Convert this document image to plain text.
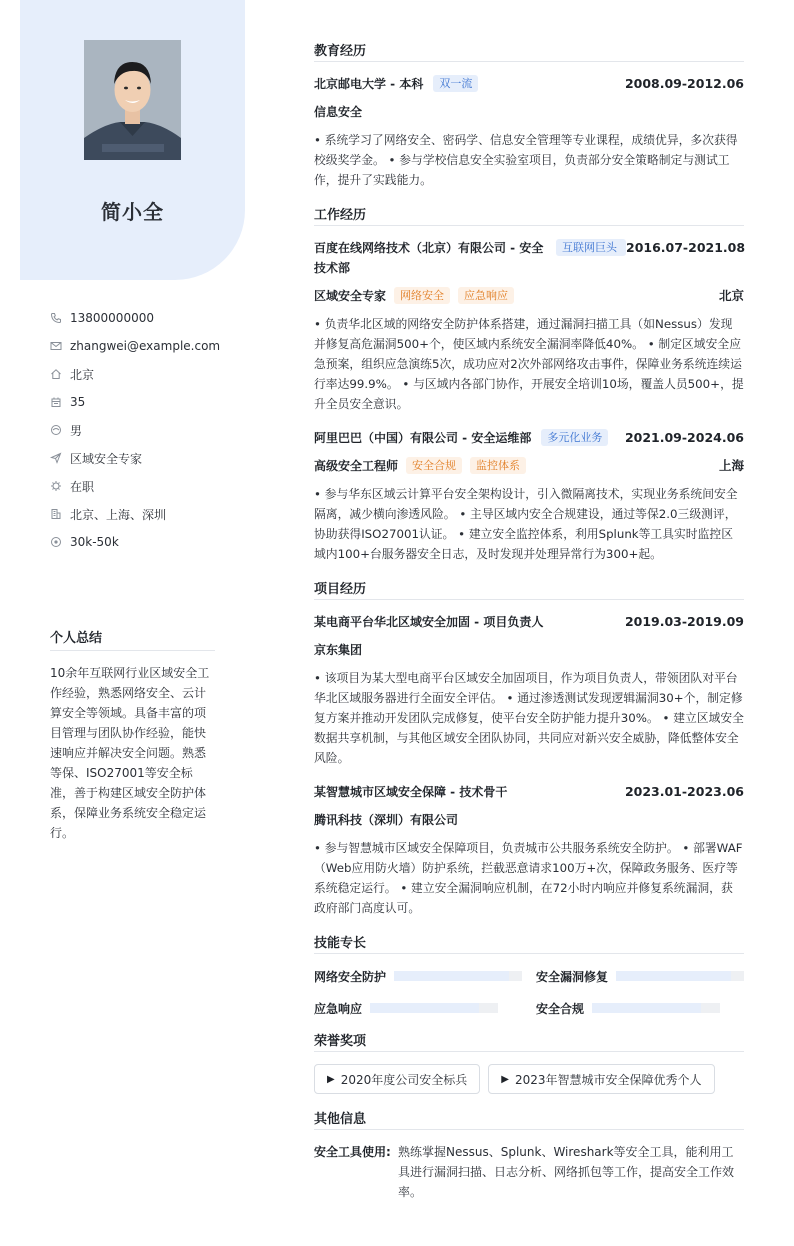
简小全
13800000000
zhangwei@example.com
北京
35
男
区域安全专家
在职
北京、上海、深圳
30k-50k
个人总结
10余年互联网行业区域安全工作经验，熟悉网络安全、云计算安全等领域。具备丰富的项目管理与团队协作经验，能快速响应并解决安全问题。熟悉等保、ISO27001等安全标准，善于构建区域安全防护体系，保障业务系统安全稳定运行。
教育经历
北京邮电大学 - 本科	双一流	2008.09-2012.06
信息安全
• 系统学习了网络安全、密码学、信息安全管理等专业课程，成绩优异，多次获得校级奖学金。 • 参与学校信息安全实验室项目，负责部分安全策略制定与测试工作，提升了实践能力。
工作经历
百度在线网络技术（北京）有限公司 - 安全技术部
互联网巨头 2016.07-2021.08
区域安全专家	网络安全	应急响应	北京
• 负责华北区域的网络安全防护体系搭建，通过漏洞扫描工具（如Nessus）发现并修复高危漏洞500+个，使区域内系统安全漏洞率降低40%。 • 制定区域安全应急预案，组织应急演练5次，成功应对2次外部网络攻击事件，保障业务系统连续运行率达99.9%。 • 与区域内各部门协作，开展安全培训10场，覆盖人员500+，提升全员安全意识。
阿里巴巴（中国）有限公司 - 安全运维部	多元化业务	2021.09-2024.06
高级安全工程师	安全合规	监控体系	上海
• 参与华东区域云计算平台安全架构设计，引入微隔离技术，实现业务系统间安全隔离，减少横向渗透风险。 • 主导区域内安全合规建设，通过等保2.0三级测评，协助获得ISO27001认证。 • 建立安全监控体系，利用Splunk等工具实时监控区域内100+台服务器安全日志，及时发现并处理异常行为300+起。
项目经历
某电商平台华北区域安全加固 - 项目负责人	2019.03-2019.09
京东集团
• 该项目为某大型电商平台区域安全加固项目，作为项目负责人，带领团队对平台华北区域服务器进行全面安全评估。 • 通过渗透测试发现逻辑漏洞30+个，制定修复方案并推动开发团队完成修复，使平台安全防护能力提升30%。 • 建立区域安全数据共享机制，与其他区域安全团队协同，共同应对新兴安全威胁，降低整体安全风险。
某智慧城市区域安全保障 - 技术骨干	2023.01-2023.06
腾讯科技（深圳）有限公司
• 参与智慧城市区域安全保障项目，负责城市公共服务系统安全防护。 • 部署WAF（Web应用防火墙）防护系统，拦截恶意请求100万+次，保障政务服务、医疗等系统稳定运行。 • 建立安全漏洞响应机制，在72小时内响应并修复系统漏洞，获政府部门高度认可。
技能专长
网络安全防护	安全漏洞修复
应急响应	安全合规
荣誉奖项
▶ 2020年度公司安全标兵	▶ 2023年智慧城市安全保障优秀个人
其他信息
安全工具使用: 熟练掌握Nessus、Splunk、Wireshark等安全工具，能利用工具进行漏洞扫描、日志分析、网络抓包等工作，提高安全工作效率。
